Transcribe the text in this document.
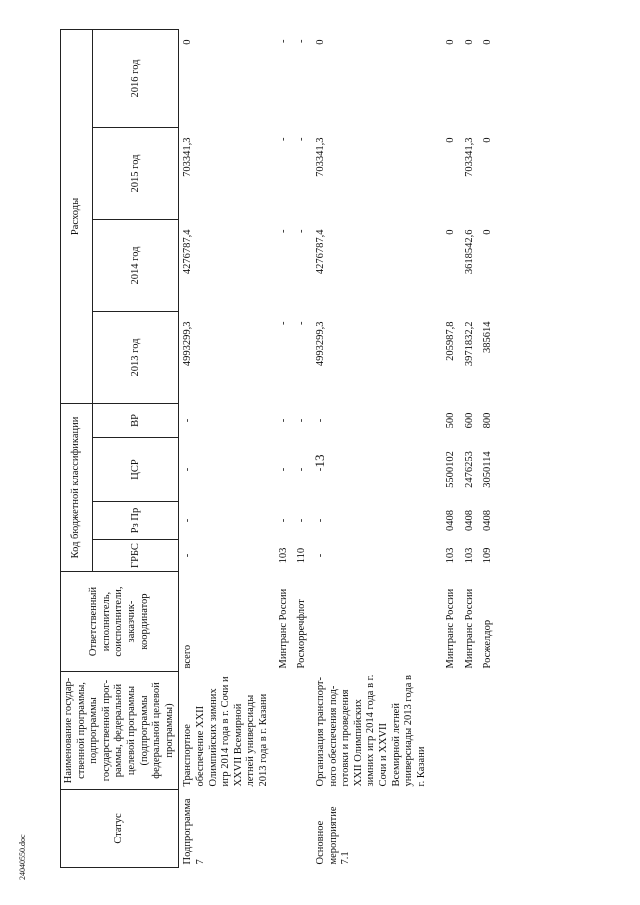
13
24040550.doc
Статус	Наименование государ-ственной программы, подпрограммы государственной прог-раммы, федеральной целевой программы (подпрограммы федеральной целевой программы)	Ответственный исполнитель, соисполнители, заказчик-координатор	Код бюджетной классификации				Расходы			
			ГРБС	Рз Пр	ЦСР	ВР	2013 год	2014 год	2015 год	2016 год
Подпрограмма 7	Транспортное обеспечение XXII Олимпийских зимних игр 2014 года в г. Сочи и XXVII Всемирной летней универсиады 2013 года в г. Казани	всего	-	-	-	-	4993299,3	4276787,4	703341,3	0
		Минтранс России	103	-	-	-	-	-	-	-
		Росморречфлот	110	-	-	-	-	-	-	-
Основное мероприятие 7.1	Организация транспорт-ного обеспечения под-готовки и проведения XXII Олимпийских зимних игр 2014 года в г. Сочи и XXVII Всемирной летней универсиады 2013 года в г. Казани		-	-	-	-	4993299,3	4276787,4	703341,3	0
		Минтранс России	103	0408	5500102	500	205987,8	0	0	0
		Минтранс России	103	0408	2476253	600	3971832,2	3618542,6	703341,3	0
		Росжелдор	109	0408	3050114	800	385614	0	0	0
